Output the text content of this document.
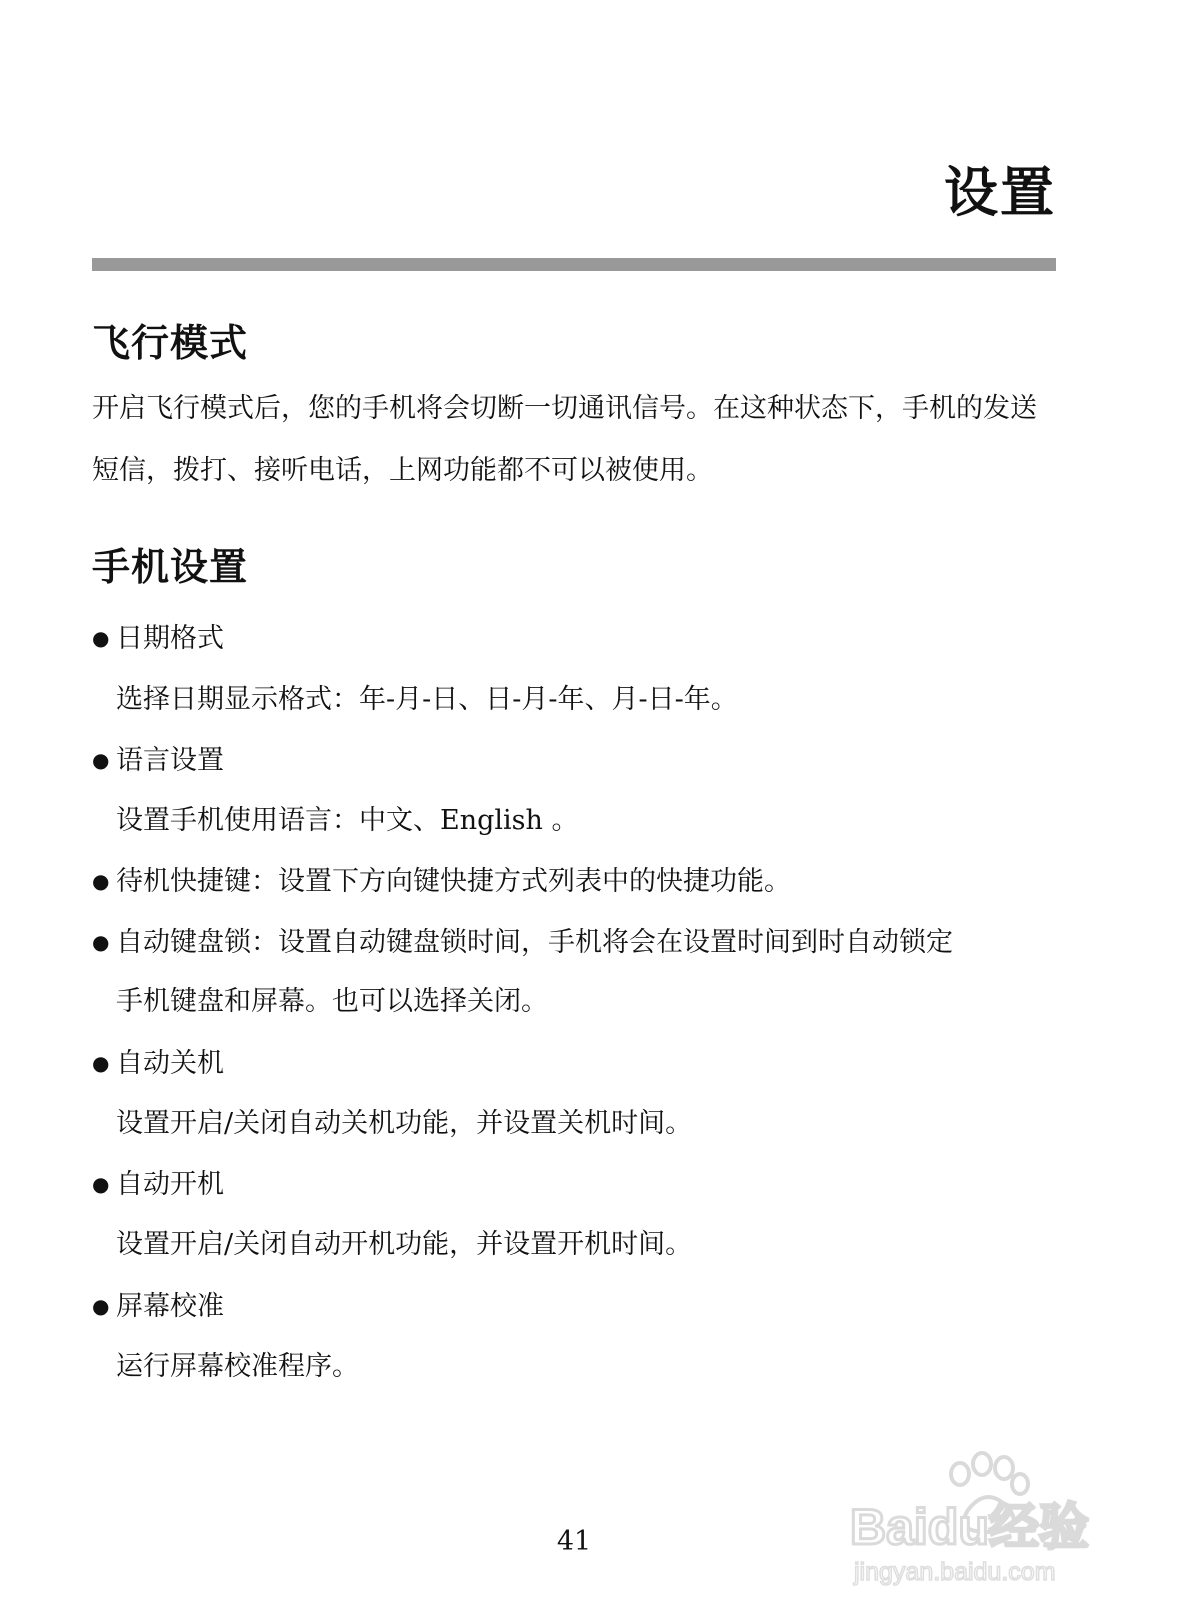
设置
飞行模式

开启飞行模式后，您的手机将会切断一切通讯信号。在这种状态下，手机的发送短信，拨打、接听电话，上网功能都不可以被使用。

手机设置
● 日期格式
选择日期显示格式：年-月-日、日-月-年、月-日-年。
● 语言设置
设置手机使用语言：中文、English 。
● 待机快捷键：设置下方向键快捷方式列表中的快捷功能。
● 自动键盘锁：设置自动键盘锁时间，手机将会在设置时间到时自动锁定
手机键盘和屏幕。也可以选择关闭。
● 自动关机
设置开启/关闭自动关机功能，并设置关机时间。
● 自动开机
设置开启/关闭自动开机功能，并设置开机时间。
● 屏幕校准
运行屏幕校准程序。
41	Baidu经验
jingyan.baidu.com
